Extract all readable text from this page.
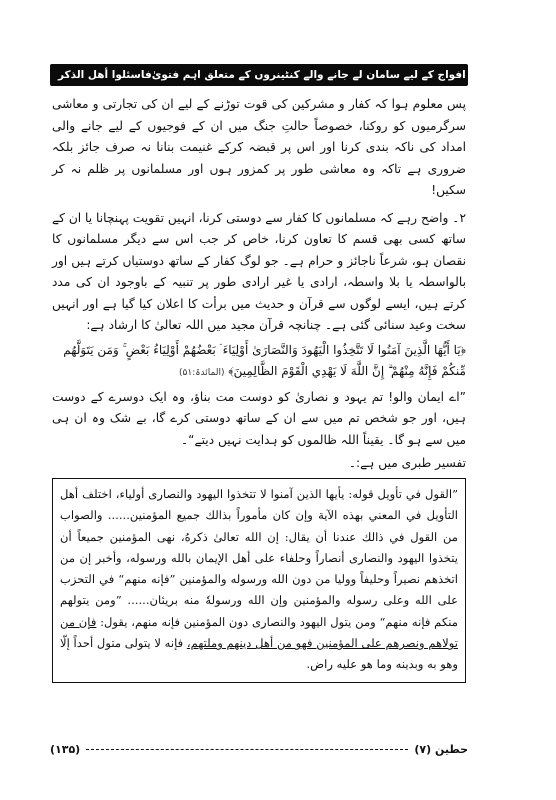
فاسئلوا أهل الذكر امریکہ و نیٹو کی افواج کے لیے سامان لے جانے والے کنٹینروں کے متعلق اہم فتویٰ

پس معلوم ہوا کہ کفار و مشرکین کی قوت توڑنے کے لیے ان کی تجارتی و معاشی سرگرمیوں کو روکنا، خصوصاً حالتِ جنگ میں ان کے فوجیوں کے لیے جانے والی امداد کی ناکہ بندی کرنا اور اس پر قبضہ کرکے غنیمت بنانا نہ صرف جائز بلکہ ضروری ہے تاکہ وہ معاشی طور پر کمزور ہوں اور مسلمانوں پر ظلم نہ کر سکیں!

۲۔ واضح رہے کہ مسلمانوں کا کفار سے دوستی کرنا، انہیں تقویت پہنچانا یا ان کے ساتھ کسی بھی قسم کا تعاون کرنا، خاص کر جب اس سے دیگر مسلمانوں کا نقصان ہو، شرعاً ناجائز و حرام ہے۔ جو لوگ کفار کے ساتھ دوستیاں کرتے ہیں اور بالواسطہ یا بلا واسطہ، ارادی یا غیر ارادی طور پر تنبیہ کے باوجود ان کی مدد کرتے ہیں، ایسے لوگوں سے قرآن و حدیث میں برأت کا اعلان کیا گیا ہے اور انہیں سخت وعید سنائی گئی ہے۔ چنانچہ قرآن مجید میں اللہ تعالیٰ کا ارشاد ہے:

﴿يَا أَيُّهَا الَّذِينَ آمَنُوا لَا تَتَّخِذُوا الْيَهُودَ وَالنَّصَارَىٰ أَوْلِيَاءَ ۘ بَعْضُهُمْ أَوْلِيَاءُ بَعْضٍ ۚ وَمَن يَتَوَلَّهُم مِّنكُمْ فَإِنَّهُ مِنْهُمْ ۗ إِنَّ اللَّهَ لَا يَهْدِي الْقَوْمَ الظَّالِمِينَ﴾ (المائدۃ:۵۱)

”اے ایمان والو! تم یہود و نصاریٰ کو دوست مت بناؤ، وہ ایک دوسرے کے دوست ہیں، اور جو شخص تم میں سے ان کے ساتھ دوستی کرے گا، بے شک وہ ان ہی میں سے ہو گا۔ یقیناً اللہ ظالموں کو ہدایت نہیں دیتے“۔

تفسیر طبری میں ہے:۔

”القول في تأويل قوله: يأيها الذين آمنوا لا تتخذوا اليهود والنصارى أولياء، اختلف أهل التأويل في المعني بهذه الآية وإن كان مأموراً بذالك جميع المؤمنين...... والصواب من القول في ذالك عندنا أن يقال: إن الله تعالىٰ ذكرهُ، نهى المؤمنين جميعاً أن يتخذوا اليهود والنصارى أنصاراً وحلفاء على أهل الإيمان بالله ورسوله، وأخبر إن من اتخذهم نصيراً وحليفاً ووليا من دون الله ورسوله والمؤمنين ”فإنه منهم“ في التحزب على الله وعلى رسوله والمؤمنين وإن الله ورسولهٗ منه بريئان...... ”ومن يتولهم منكم فإنه منهم“ ومن يتول اليهود والنصارى دون المؤمنين فإنه منهم، يقول: فإن من تولاهم ونصرهم على المؤمنين فهو من أهل دينهم وملتهم، فإنه لا يتولى متول أحداً إلّا وهو به وبدينه وما هو عليه راض.

(۱۳۵)	حطین (۷)
